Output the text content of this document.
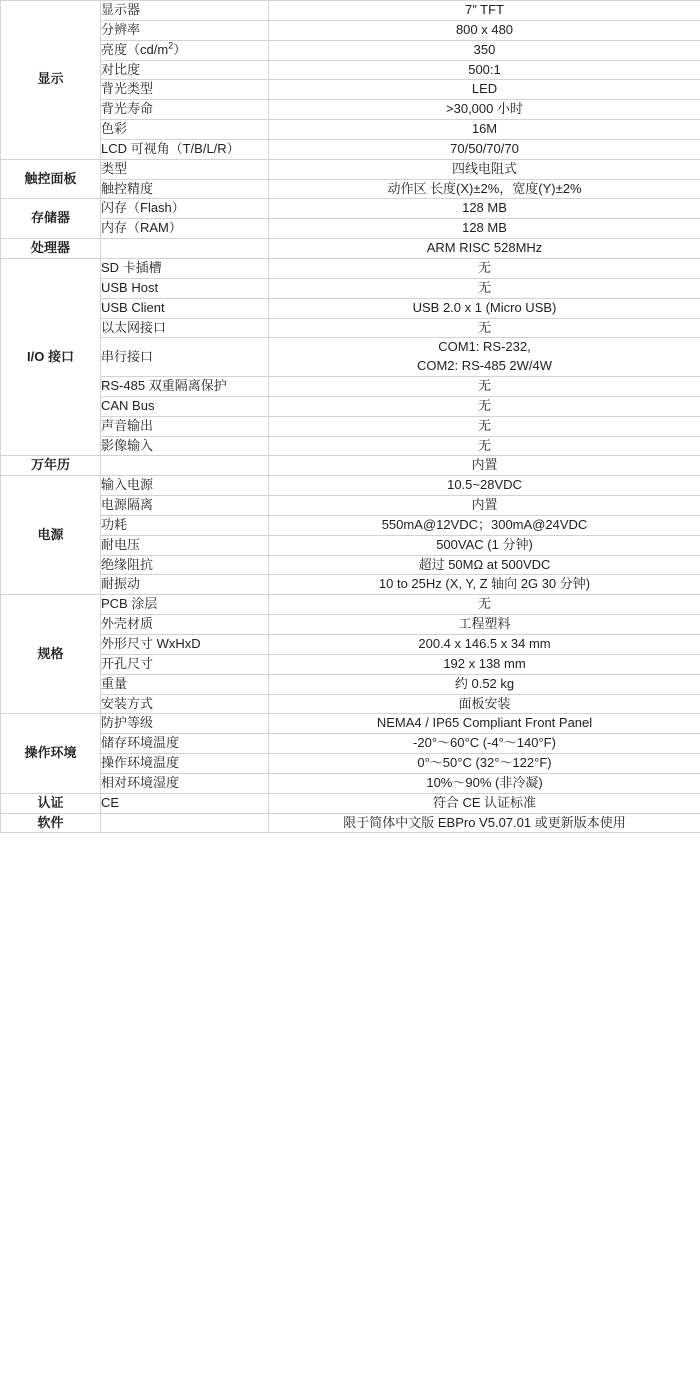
显示	显示器	7″ TFT
	分辨率	800 x 480
	亮度$(cd/m^2)$	350
	对比度	500:1
	背光类型	LED
	背光寿命	>30,000 小时
	色彩	16M
	LCD 可视角（T/B/L/R）	70/50/70/70
触控面板	类型	四线电阻式
	触控精度	动作区 长度(X)±2%，宽度(Y)±2%
存储器	闪存（Flash）	128 MB
	内存（RAM）	128 MB
处理器		ARM RISC 528MHz
I/O 接口	SD 卡插槽	无
	USB Host	无
	USB Client	USB 2.0 x 1 (Micro USB)
	以太网接口	无
	串行接口	COM1: RS-232,
COM2: RS-485 2W/4W

	RS-485 双重隔离保护	无
	CAN Bus	无
	声音输出	无
	影像输入	无
万年历		内置
电源	输入电源	10.5~28VDC
	电源隔离	内置
	功耗	550mA@12VDC；300mA@24VDC
	耐电压	500VAC (1 分钟)
	绝缘阻抗	超过 50MΩ at 500VDC
	耐振动	10 to 25Hz (X, Y, Z 轴向 2G 30 分钟)
规格	PCB 涂层	无
	外壳材质	工程塑料
	外形尺寸 WxHxD	200.4 x 146.5 x 34 mm
	开孔尺寸	192 x 138 mm
	重量	约 0.52 kg
	安装方式	面板安装
操作环境	防护等级	NEMA4 / IP65 Compliant Front Panel
	储存环境温度	-20°～60°C (-4°～140°F)
	操作环境温度	0°～50°C (32°～122°F)
	相对环境湿度	10%～90% (非冷凝)
认证	CE	符合 CE 认证标准
软件		限于简体中文版 EBPro V5.07.01 或更新版本使用
